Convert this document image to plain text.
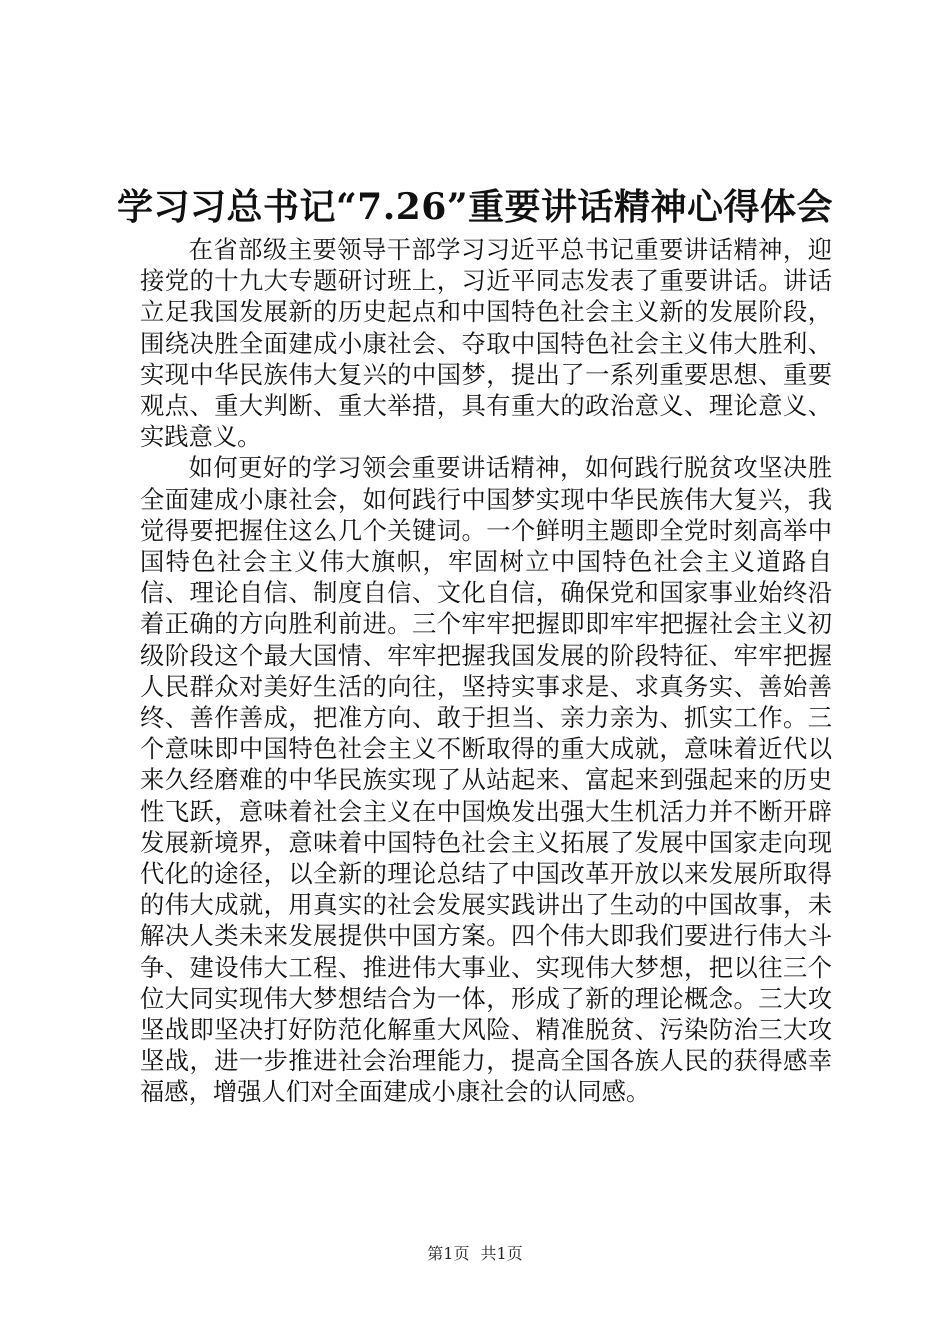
学习习总书记“7.26”重要讲话精神心得体会

在省部级主要领导干部学习习近平总书记重要讲话精神，迎接党的十九大专题研讨班上，习近平同志发表了重要讲话。讲话立足我国发展新的历史起点和中国特色社会主义新的发展阶段，围绕决胜全面建成小康社会、夺取中国特色社会主义伟大胜利、实现中华民族伟大复兴的中国梦，提出了一系列重要思想、重要观点、重大判断、重大举措，具有重大的政治意义、理论意义、实践意义。

如何更好的学习领会重要讲话精神，如何践行脱贫攻坚决胜全面建成小康社会，如何践行中国梦实现中华民族伟大复兴，我觉得要把握住这么几个关键词。一个鲜明主题即全党时刻高举中国特色社会主义伟大旗帜，牢固树立中国特色社会主义道路自信、理论自信、制度自信、文化自信，确保党和国家事业始终沿着正确的方向胜利前进。三个牢牢把握即即牢牢把握社会主义初级阶段这个最大国情、牢牢把握我国发展的阶段特征、牢牢把握人民群众对美好生活的向往，坚持实事求是、求真务实、善始善终、善作善成，把准方向、敢于担当、亲力亲为、抓实工作。三个意味即中国特色社会主义不断取得的重大成就，意味着近代以来久经磨难的中华民族实现了从站起来、富起来到强起来的历史性飞跃，意味着社会主义在中国焕发出强大生机活力并不断开辟发展新境界，意味着中国特色社会主义拓展了发展中国家走向现代化的途径，以全新的理论总结了中国改革开放以来发展所取得的伟大成就，用真实的社会发展实践讲出了生动的中国故事，未解决人类未来发展提供中国方案。四个伟大即我们要进行伟大斗争、建设伟大工程、推进伟大事业、实现伟大梦想，把以往三个位大同实现伟大梦想结合为一体，形成了新的理论概念。三大攻坚战即坚决打好防范化解重大风险、精准脱贫、污染防治三大攻坚战，进一步推进社会治理能力，提高全国各族人民的获得感幸福感，增强人们对全面建成小康社会的认同感。

第1页 共1页
